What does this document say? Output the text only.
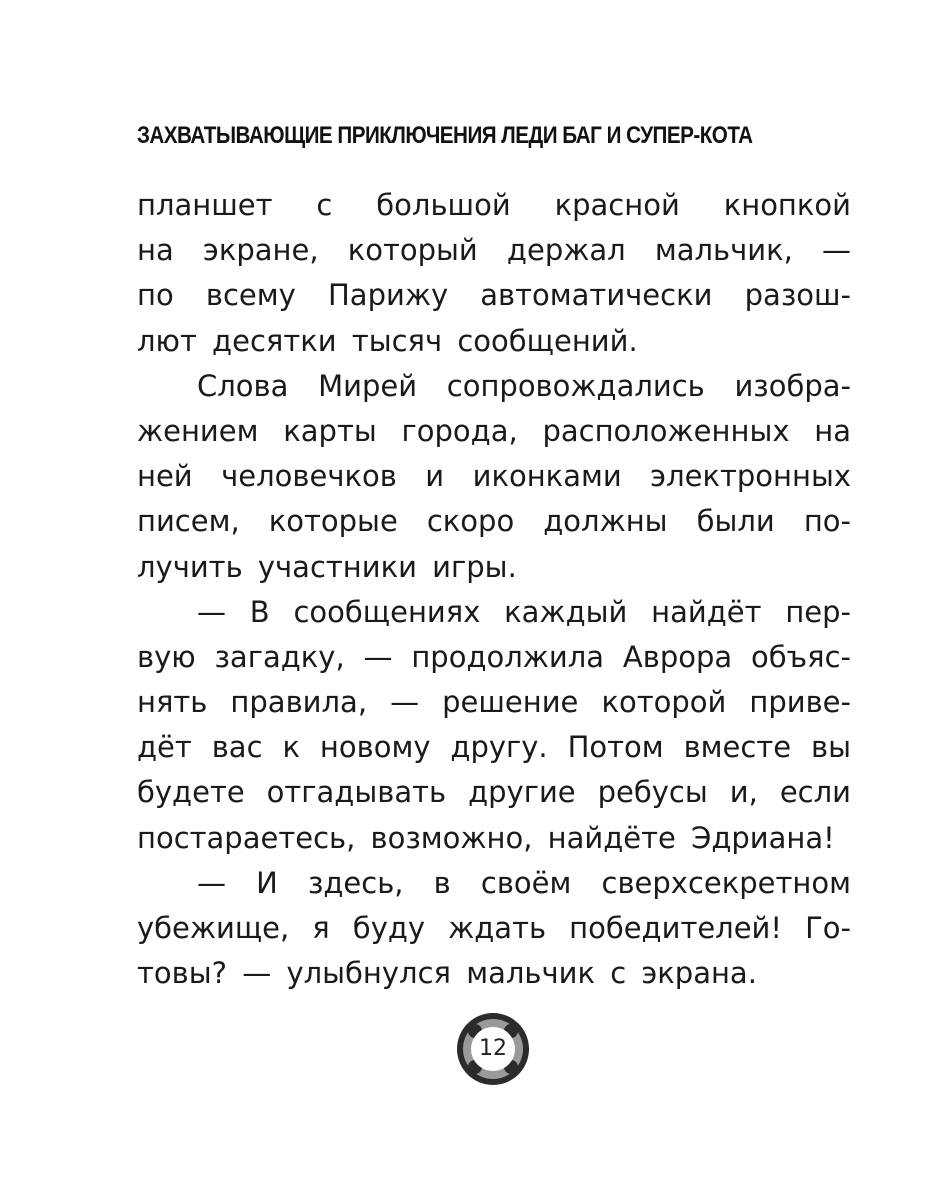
ЗАХВАТЫВАЮЩИЕ ПРИКЛЮЧЕНИЯ ЛЕДИ БАГ И СУПЕР-КОТА
планшет с большой красной кнопкой
на экране, который держал мальчик, —
по всему Парижу автоматически разош-
лют десятки тысяч сообщений.
Слова Мирей сопровождались изобра-
жением карты города, расположенных на
ней человечков и иконками электронных
писем, которые скоро должны были по-
лучить участники игры.
— В сообщениях каждый найдёт пер-
вую загадку, — продолжила Аврора объяс-
нять правила, — решение которой приве-
дёт вас к новому другу. Потом вместе вы
будете отгадывать другие ребусы и, если
постараетесь, возможно, найдёте Эдриана!
— И здесь, в своём сверхсекретном
убежище, я буду ждать победителей! Го-
товы? — улыбнулся мальчик с экрана.
12
